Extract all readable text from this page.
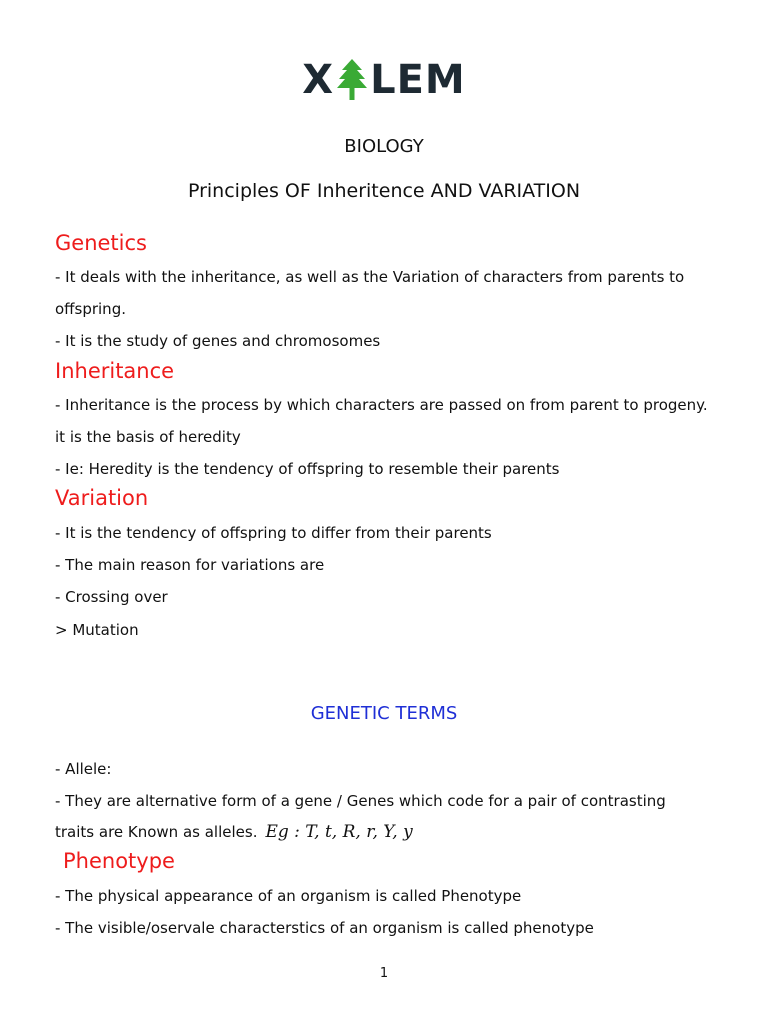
X LEM
BIOLOGY
Principles OF Inheritence AND VARIATION
Genetics
- It deals with the inheritance, as well as the Variation of characters from parents to
offspring.
- It is the study of genes and chromosomes
Inheritance
- Inheritance is the process by which characters are passed on from parent to progeny.
it is the basis of heredity
- Ie: Heredity is the tendency of offspring to resemble their parents
Variation
- It is the tendency of offspring to differ from their parents
- The main reason for variations are
- Crossing over
> Mutation
GENETIC TERMS
- Allele:
- They are alternative form of a gene / Genes which code for a pair of contrasting
traits are Known as alleles. Eg : T, t, R, r, Y, y
Phenotype
- The physical appearance of an organism is called Phenotype
- The visible/oservale characterstics of an organism is called phenotype
1
